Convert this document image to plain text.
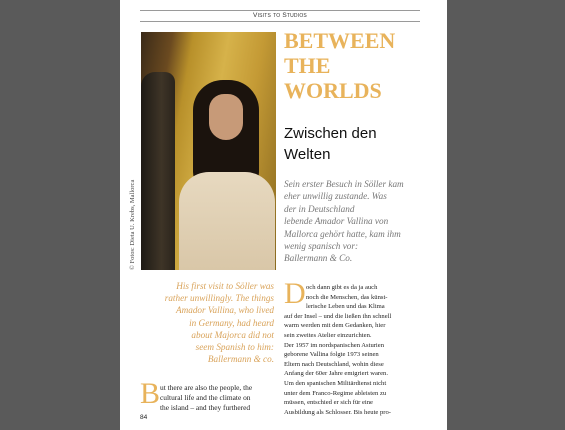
Visits to Studios
© Fotos: Dieta U. Krebs, Mallorca
BETWEEN
THE
WORLDS
Zwischen den
Welten
Sein erster Besuch in Söller kam
eher unwillig zustande. Was
der in Deutschland
lebende Amador Vallina von
Mallorca gehört hatte, kam ihm
wenig spanisch vor:
Ballermann & Co.
His first visit to Söller was
rather unwillingly. The things
Amador Vallina, who lived
in Germany, had heard
about Majorca did not
seem Spanish to him:
Ballermann & co.
B ut there are also the people, the
cultural life and the climate on
the island – and they furthered
D och dann gibt es da ja auch
noch die Menschen, das künst-
lerische Leben und das Klima
auf der Insel – und die ließen ihn schnell
warm werden mit dem Gedanken, hier
sein zweites Atelier einzurichten.
Der 1957 im nordspanischen Asturien
geborene Vallina folgte 1973 seinen
Eltern nach Deutschland, wohin diese
Anfang der 60er Jahre emigriert waren.
Um den spanischen Militärdienst nicht
unter dem Franco-Regime ableisten zu
müssen, entschied er sich für eine
Ausbildung als Schlosser. Bis heute pro-
84
